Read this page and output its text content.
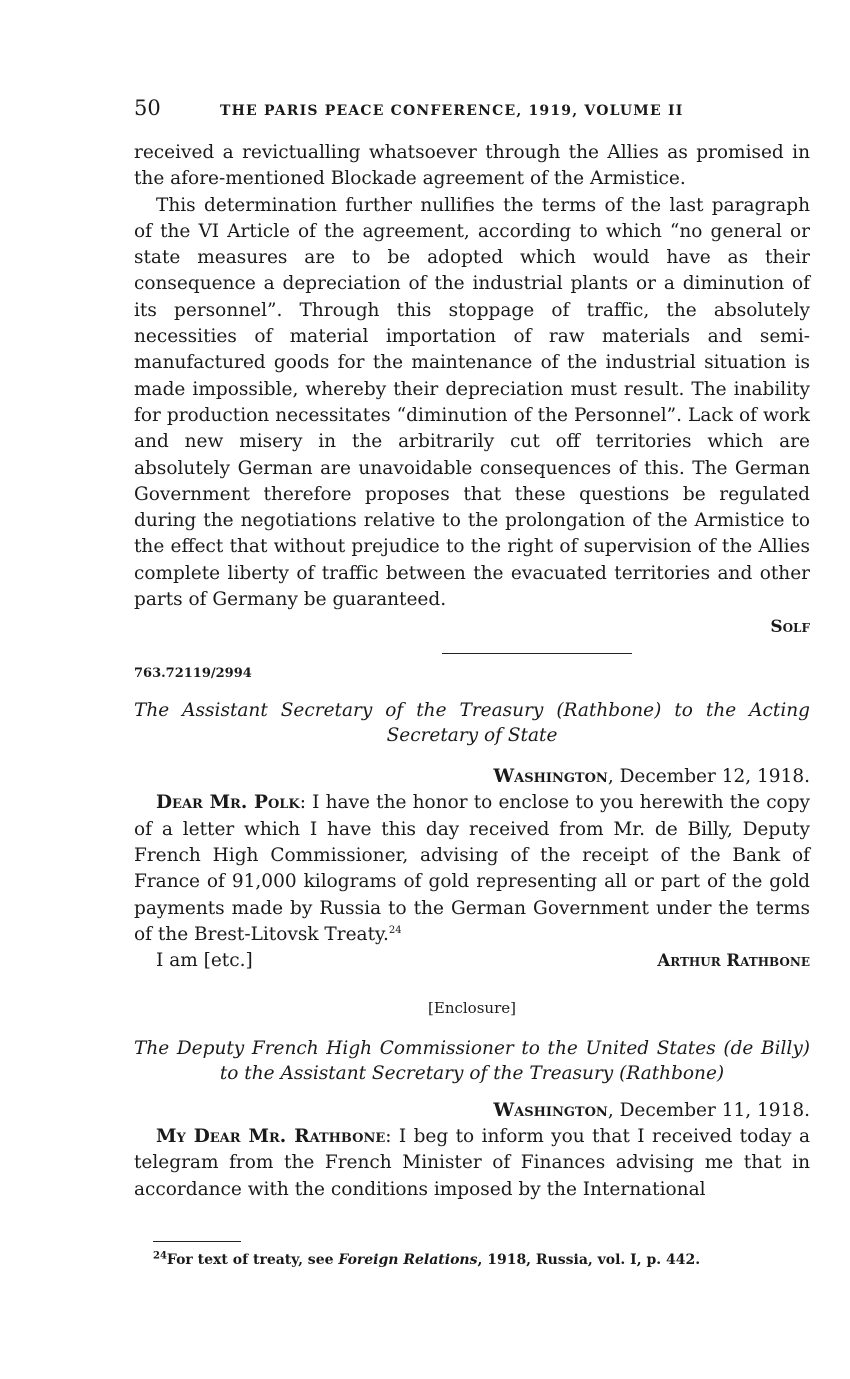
50	THE PARIS PEACE CONFERENCE, 1919, VOLUME II

received a revictualling whatsoever through the Allies as promised in the afore-mentioned Blockade agreement of the Armistice.

This determination further nullifies the terms of the last paragraph of the VI Article of the agreement, according to which “no general or state measures are to be adopted which would have as their consequence a depreciation of the industrial plants or a diminution of its personnel”. Through this stoppage of traffic, the absolutely necessities of material importation of raw materials and semi-manufactured goods for the maintenance of the industrial situation is made impossible, whereby their depreciation must result. The inability for production necessitates “diminution of the Personnel”. Lack of work and new misery in the arbitrarily cut off territories which are absolutely German are unavoidable consequences of this. The German Government therefore proposes that these questions be regulated during the negotiations relative to the prolongation of the Armistice to the effect that without prejudice to the right of supervision of the Allies complete liberty of traffic between the evacuated territories and other parts of Germany be guaranteed.

Solf
763.72119/2994
The Assistant Secretary of the Treasury (Rathbone) to the Acting Secretary of State
Washington, December 12, 1918.

Dear Mr. Polk: I have the honor to enclose to you herewith the copy of a letter which I have this day received from Mr. de Billy, Deputy French High Commissioner, advising of the receipt of the Bank of France of 91,000 kilograms of gold representing all or part of the gold payments made by Russia to the German Government under the terms of the Brest-Litovsk Treaty.$^{24}$

I am [etc.]	Arthur Rathbone
[Enclosure]
The Deputy French High Commissioner to the United States (de Billy) to the Assistant Secretary of the Treasury (Rathbone)
Washington, December 11, 1918.

My Dear Mr. Rathbone: I beg to inform you that I received today a telegram from the French Minister of Finances advising me that in accordance with the conditions imposed by the International

$^{24}$For text of treaty, see Foreign Relations, 1918, Russia, vol. I, p. 442.
